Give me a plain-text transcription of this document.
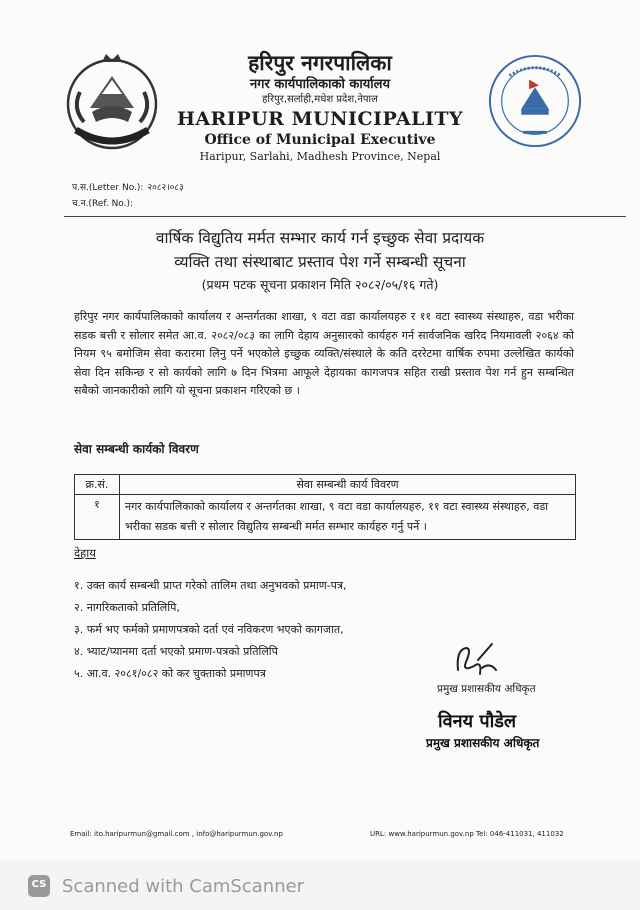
हरिपुर नगरपालिका
नगर कार्यपालिकाको कार्यालय
हरिपुर,सर्लाही,मधेश प्रदेश,नेपाल
HARIPUR MUNICIPALITY
Office of Municipal Executive
Haripur, Sarlahi, Madhesh Province, Nepal
प.स.(Letter No.): २०८२।०८३
च.न.(Ref. No.):
वार्षिक विद्युतिय मर्मत सम्भार कार्य गर्न इच्छुक सेवा प्रदायक
व्यक्ति तथा संस्थाबाट प्रस्ताव पेश गर्ने सम्बन्धी सूचना
(प्रथम पटक सूचना प्रकाशन मिति २०८२/०५/१६ गते)
हरिपुर नगर कार्यपालिकाको कार्यालय र अन्तर्गतका शाखा, ९ वटा वडा कार्यालयहरु र ११ वटा स्वास्थ्य संस्थाहरु, वडा भरीका सडक बत्ती र सोलार समेत आ.व. २०८२/०८३ का लागि देहाय अनुसारको कार्यहरु गर्न सार्वजनिक खरिद नियमावली २०६४ को नियम ९५ बमोजिम सेवा करारमा लिनु पर्ने भएकोले इच्छुक व्यक्ति/संस्थाले के कति दररेटमा वार्षिक रुपमा उल्लेखित कार्यको सेवा दिन सकिन्छ र सो कार्यको लागि ७ दिन भित्रमा आफूले देहायका कागजपत्र सहित राखी प्रस्ताव पेश गर्न हुन सम्बन्धित सबैको जानकारीको लागि यो सूचना प्रकाशन गरिएको छ ।
सेवा सम्बन्धी कार्यको विवरण
क्र.सं.	सेवा सम्बन्धी कार्य विवरण
१	नगर कार्यपालिकाको कार्यालय र अन्तर्गतका शाखा, ९ वटा वडा कार्यालयहरु, ११ वटा स्वास्थ्य संस्थाहरु, वडा भरीका सडक बत्ती र सोलार विद्युतिय सम्बन्धी मर्मत सम्भार कार्यहरु गर्नु पर्ने ।
देहाय
१. उक्त कार्य सम्बन्धी प्राप्त गरेको तालिम तथा अनुभवको प्रमाण-पत्र,
२. नागरिकताको प्रतिलिपि,
३. फर्म भए फर्मको प्रमाणपत्रको दर्ता एवं नविकरण भएको कागजात,
४. भ्याट/प्यानमा दर्ता भएको प्रमाण-पत्रको प्रतिलिपि
५. आ.व. २०८१/०८२ को कर चुक्ताको प्रमाणपत्र
प्रमुख प्रशासकीय अधिकृत
विनय पौडेल
प्रमुख प्रशासकीय अधिकृत
Email: ito.haripurmun@gmail.com , info@haripurmun.gov.np	URL: www.haripurmun.gov.np Tel: 046-411031, 411032
CS Scanned with CamScanner
